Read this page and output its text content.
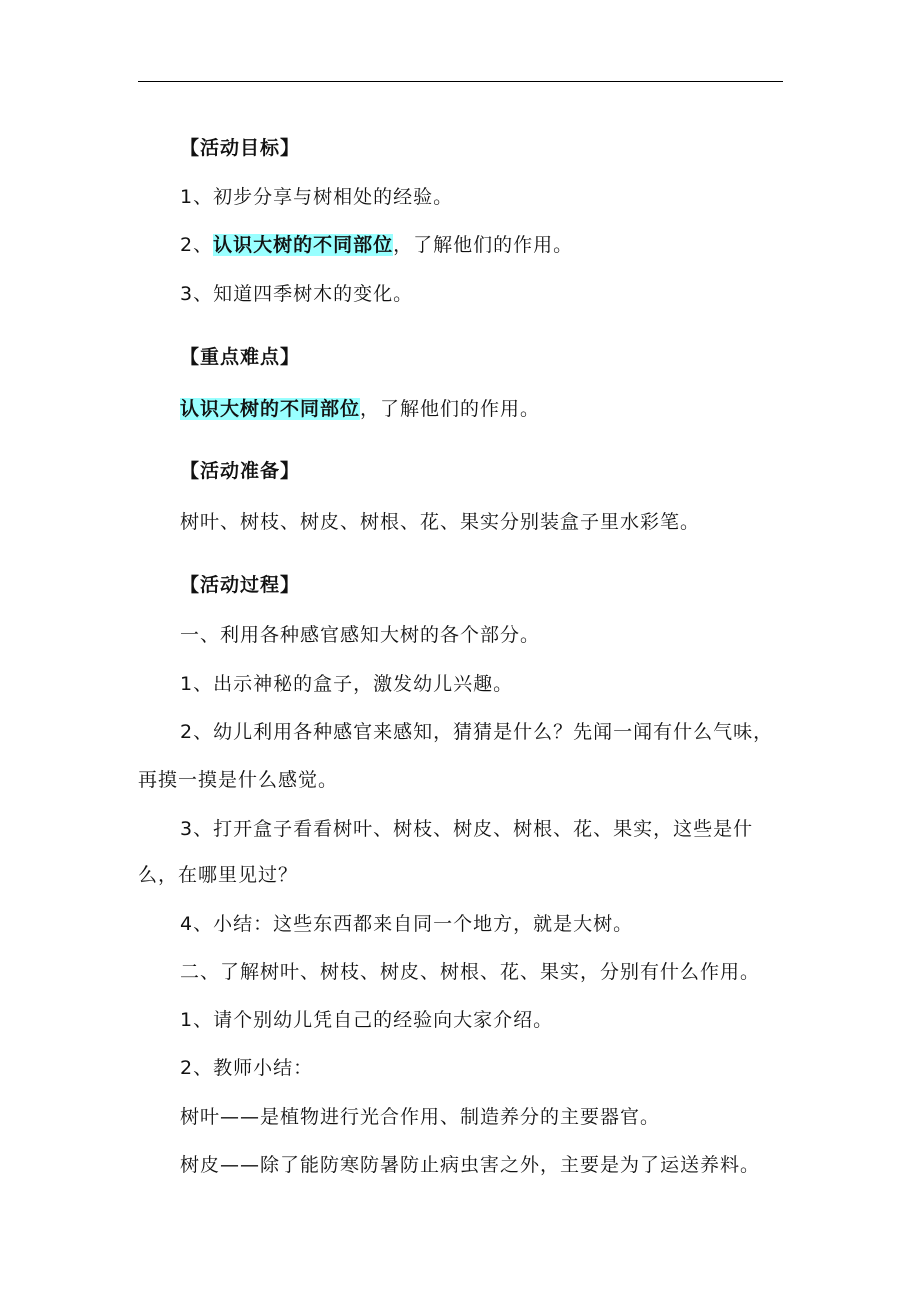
【活动目标】
1、初步分享与树相处的经验。
2、认识大树的不同部位，了解他们的作用。
3、知道四季树木的变化。
【重点难点】
认识大树的不同部位，了解他们的作用。
【活动准备】
树叶、树枝、树皮、树根、花、果实分别装盒子里水彩笔。
【活动过程】
一、利用各种感官感知大树的各个部分。
1、出示神秘的盒子，激发幼儿兴趣。
2、幼儿利用各种感官来感知，猜猜是什么？先闻一闻有什么气味，
再摸一摸是什么感觉。
3、打开盒子看看树叶、树枝、树皮、树根、花、果实，这些是什
么，在哪里见过？
4、小结：这些东西都来自同一个地方，就是大树。
二、了解树叶、树枝、树皮、树根、花、果实，分别有什么作用。
1、请个别幼儿凭自己的经验向大家介绍。
2、教师小结：
树叶——是植物进行光合作用、制造养分的主要器官。
树皮——除了能防寒防暑防止病虫害之外，主要是为了运送养料。
